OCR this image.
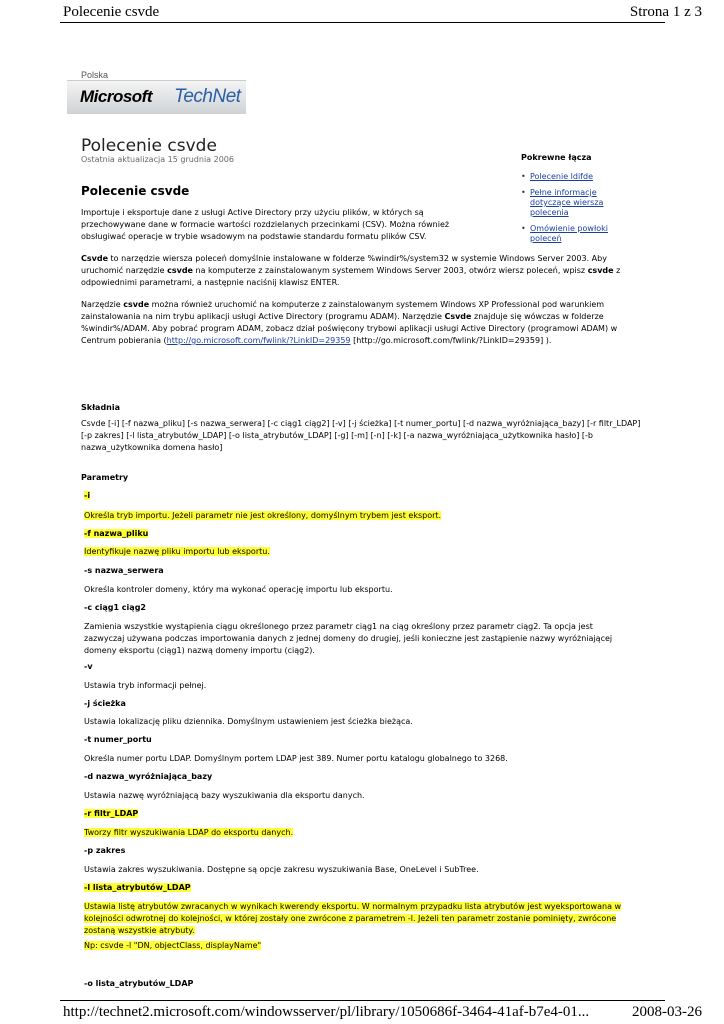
Polecenie csvde	Strona 1 z 3
Polska
Microsoft TechNet
Polecenie csvde
Ostatnia aktualizacja 15 grudnia 2006
Polecenie csvde
Importuje i eksportuje dane z usługi Active Directory przy użyciu plików, w których są przechowywane dane w formacie wartości rozdzielanych przecinkami (CSV). Można również obsługiwać operacje w trybie wsadowym na podstawie standardu formatu plików CSV.
Csvde to narzędzie wiersza poleceń domyślnie instalowane w folderze %windir%/system32 w systemie Windows Server 2003. Aby uruchomić narzędzie csvde na komputerze z zainstalowanym systemem Windows Server 2003, otwórz wiersz poleceń, wpisz csvde z odpowiednimi parametrami, a następnie naciśnij klawisz ENTER.
Narzędzie csvde można również uruchomić na komputerze z zainstalowanym systemem Windows XP Professional pod warunkiem zainstalowania na nim trybu aplikacji usługi Active Directory (programu ADAM). Narzędzie Csvde znajduje się wówczas w folderze %windir%/ADAM. Aby pobrać program ADAM, zobacz dział poświęcony trybowi aplikacji usługi Active Directory (programowi ADAM) w Centrum pobierania (http://go.microsoft.com/fwlink/?LinkID=29359 [http://go.microsoft.com/fwlink/?LinkID=29359] ).
Pokrewne łącza
• Polecenie ldifde
• Pełne informacje dotyczące wiersza polecenia
• Omówienie powłoki poleceń
Składnia
Csvde [-i] [-f nazwa_pliku] [-s nazwa_serwera] [-c ciąg1 ciąg2] [-v] [-j ścieżka] [-t numer_portu] [-d nazwa_wyróżniająca_bazy] [-r filtr_LDAP] [-p zakres] [-l lista_atrybutów_LDAP] [-o lista_atrybutów_LDAP] [-g] [-m] [-n] [-k] [-a nazwa_wyróżniająca_użytkownika hasło] [-b nazwa_użytkownika domena hasło]
Parametry
-i
Określa tryb importu. Jeżeli parametr nie jest określony, domyślnym trybem jest eksport.
-f nazwa_pliku
Identyfikuje nazwę pliku importu lub eksportu.
-s nazwa_serwera
Określa kontroler domeny, który ma wykonać operację importu lub eksportu.
-c ciąg1 ciąg2
Zamienia wszystkie wystąpienia ciągu określonego przez parametr ciąg1 na ciąg określony przez parametr ciąg2. Ta opcja jest zazwyczaj używana podczas importowania danych z jednej domeny do drugiej, jeśli konieczne jest zastąpienie nazwy wyróżniającej domeny eksportu (ciąg1) nazwą domeny importu (ciąg2).
-v
Ustawia tryb informacji pełnej.
-j ścieżka
Ustawia lokalizację pliku dziennika. Domyślnym ustawieniem jest ścieżka bieżąca.
-t numer_portu
Określa numer portu LDAP. Domyślnym portem LDAP jest 389. Numer portu katalogu globalnego to 3268.
-d nazwa_wyróżniająca_bazy
Ustawia nazwę wyróżniającą bazy wyszukiwania dla eksportu danych.
-r filtr_LDAP
Tworzy filtr wyszukiwania LDAP do eksportu danych.
-p zakres
Ustawia zakres wyszukiwania. Dostępne są opcje zakresu wyszukiwania Base, OneLevel i SubTree.
-l lista_atrybutów_LDAP
Ustawia listę atrybutów zwracanych w wynikach kwerendy eksportu. W normalnym przypadku lista atrybutów jest wyeksportowana w kolejności odwrotnej do kolejności, w której zostały one zwrócone z parametrem -l. Jeżeli ten parametr zostanie pominięty, zwrócone zostaną wszystkie atrybuty.
Np: csvde -l "DN, objectClass, displayName"
-o lista_atrybutów_LDAP
http://technet2.microsoft.com/windowsserver/pl/library/1050686f-3464-41af-b7e4-01...	2008-03-26
